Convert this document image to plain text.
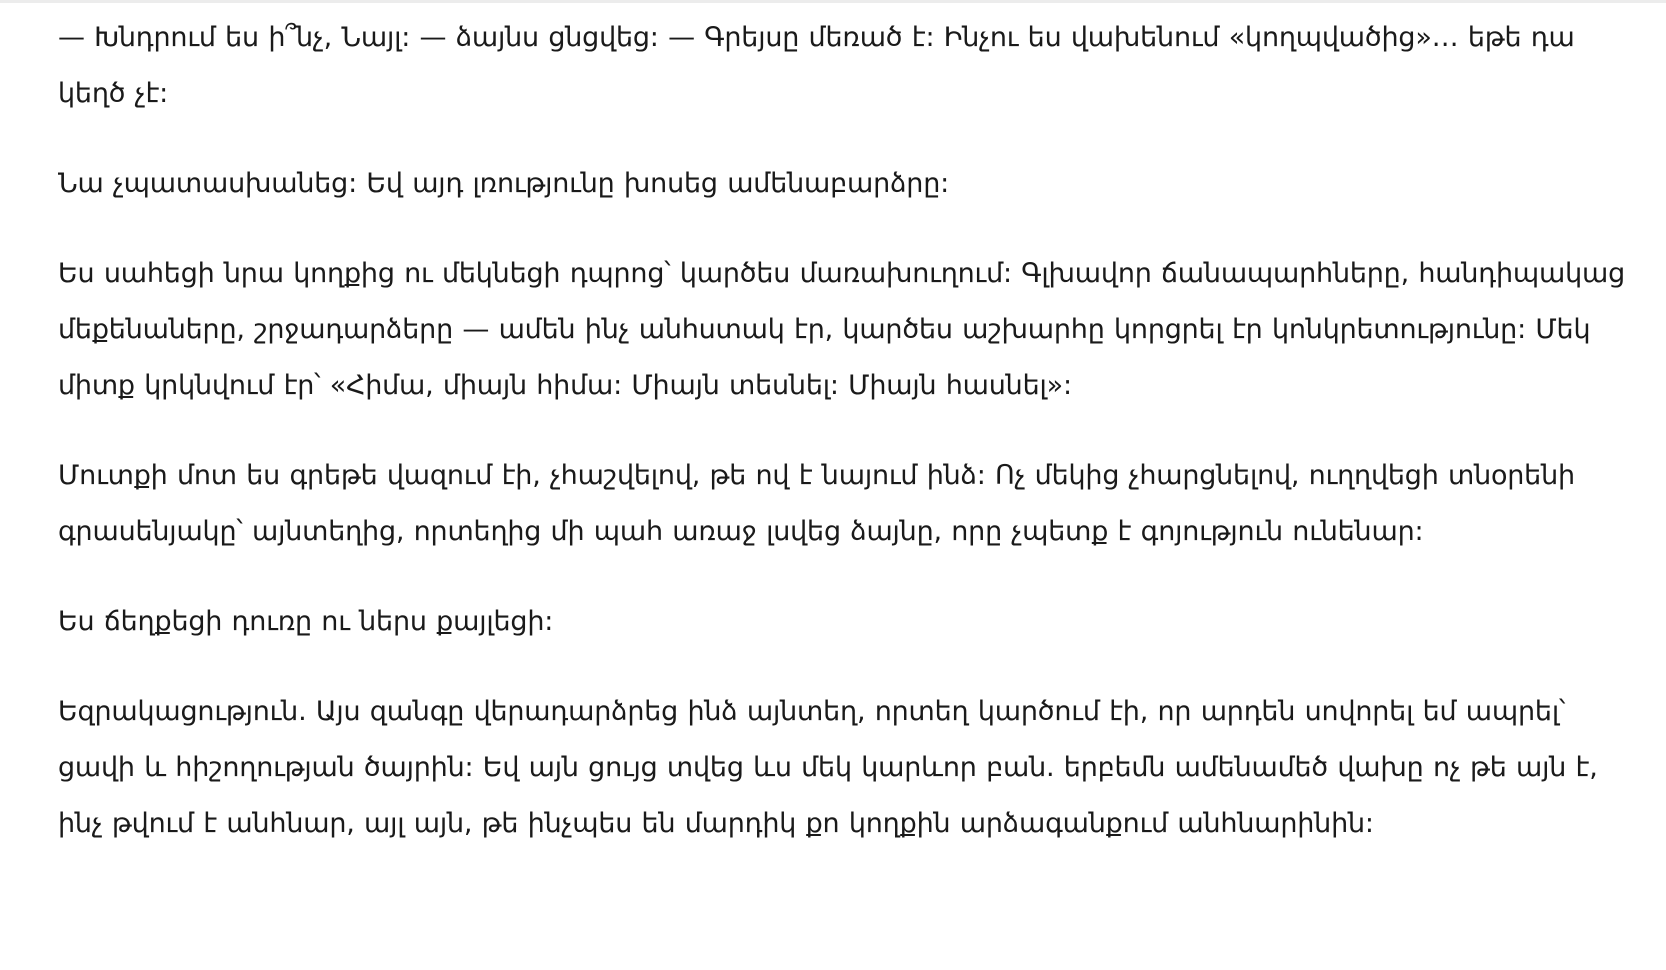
— Խնդրում ես ի՞նչ, Նայլ: — ձայնս ցնցվեց: — Գրեյսը մեռած է: Ինչու ես վախենում «կողպվածից»… եթե դա կեղծ չէ:

Նա չպատասխանեց: Եվ այդ լռությունը խոսեց ամենաբարձրը:

Ես սահեցի նրա կողքից ու մեկնեցի դպրոց՝ կարծես մառախուղում: Գլխավոր ճանապարհները, հանդիպակաց մեքենաները, շրջադարձերը — ամեն ինչ անհստակ էր, կարծես աշխարհը կորցրել էր կոնկրետությունը: Մեկ միտք կրկնվում էր՝ «Հիմա, միայն հիմա: Միայն տեսնել: Միայն հասնել»:

Մուտքի մոտ ես գրեթե վազում էի, չհաշվելով, թե ով է նայում ինձ: Ոչ մեկից չհարցնելով, ուղղվեցի տնօրենի գրասենյակը՝ այնտեղից, որտեղից մի պահ առաջ լսվեց ձայնը, որը չպետք է գոյություն ունենար:

Ես ճեղքեցի դուռը ու ներս քայլեցի:

Եզրակացություն. Այս զանգը վերադարձրեց ինձ այնտեղ, որտեղ կարծում էի, որ արդեն սովորել եմ ապրել՝ ցավի և հիշողության ծայրին: Եվ այն ցույց տվեց ևս մեկ կարևոր բան. երբեմն ամենամեծ վախը ոչ թե այն է, ինչ թվում է անհնար, այլ այն, թե ինչպես են մարդիկ քո կողքին արձագանքում անհնարինին:
